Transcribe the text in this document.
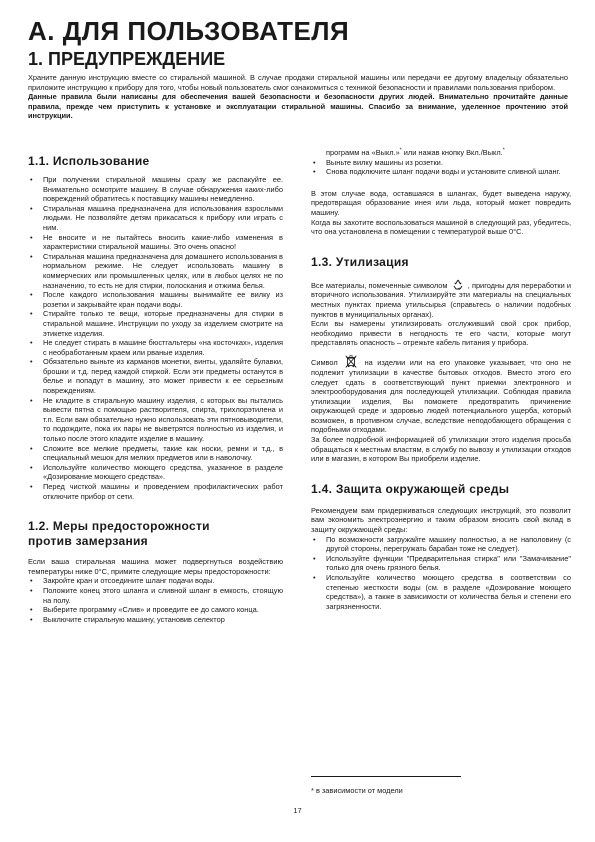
A. ДЛЯ ПОЛЬЗОВАТЕЛЯ
1. ПРЕДУПРЕЖДЕНИЕ

Храните данную инструкцию вместе со стиральной машиной. В случае продажи стиральной машины или передачи ее другому владельцу обязательно приложите инструкцию к прибору для того, чтобы новый пользователь смог ознакомиться с техникой безопасности и правилами пользования прибором.

Данные правила были написаны для обеспечения вашей безопасности и безопасности других людей. Внимательно прочитайте данные правила, прежде чем приступить к установке и эксплуатации стиральной машины. Спасибо за внимание, уделенное прочтению этой инструкции.

1.1. Использование
• При получении стиральной машины сразу же распакуйте ее. Внимательно осмотрите машину. В случае обнаружения каких-либо повреждений обратитесь к поставщику машины немедленно.
• Стиральная машина предназначена для использования взрослыми людьми. Не позволяйте детям прикасаться к прибору или играть с ним.
• Не вносите и не пытайтесь вносить какие-либо изменения в характеристики стиральной машины. Это очень опасно!
• Стиральная машина предназначена для домашнего использования в нормальном режиме. Не следует использовать машину в коммерческих или промышленных целях, или в любых целях не по назначению, то есть не для стирки, полоскания и отжима белья.
• После каждого использования машины вынимайте ее вилку из розетки и закрывайте кран подачи воды.
• Стирайте только те вещи, которые предназначены для стирки в стиральной машине. Инструкции по уходу за изделием смотрите на этикетке изделия.
• Не следует стирать в машине бюстгальтеры «на косточках», изделия с необработанным краем или рваные изделия.
• Обязательно выньте из карманов монетки, винты, удаляйте булавки, брошки и т.д. перед каждой стиркой. Если эти предметы останутся в белье и попадут в машину, это может привести к ее серьезным повреждениям.
• Не кладите в стиральную машину изделия, с которых вы пытались вывести пятна с помощью растворителя, спирта, трихлорэтилена и т.п. Если вам обязательно нужно использовать эти пятновыводители, то подождите, пока их пары не выветрятся полностью из изделия, и только после этого кладите изделие в машину.
• Сложите все мелкие предметы, такие как носки, ремни и т.д., в специальный мешок для мелких предметов или в наволочку.
• Используйте количество моющего средства, указанное в разделе «Дозирование моющего средства».
• Перед чисткой машины и проведением профилактических работ отключите прибор от сети.
1.2. Меры предосторожности
против замерзания

Если ваша стиральная машина может подвергнуться воздействию температуры ниже 0°C, примите следующие меры предосторожности:

• Закройте кран и отсоедините шланг подачи воды.
• Положите конец этого шланга и сливной шланг в емкость, стоящую на полу.
• Выберите программу «Слив» и проведите ее до самого конца.
• Выключите стиральную машину, установив селектор

программ на «Выкл.»* или нажав кнопку Вкл./Выкл.*

• Выньте вилку машины из розетки.
• Снова подключите шланг подачи воды и установите сливной шланг.

В этом случае вода, оставшаяся в шлангах, будет выведена наружу, предотвращая образование инея или льда, который может повредить машину.

Когда вы захотите воспользоваться машиной в следующий раз, убедитесь, что она установлена в помещении с температурой выше 0°C.

1.3. Утилизация

Все материалы, помеченные символом	, пригодны для переработки и вторичного использования. Утилизируйте эти материалы на специальных местных пунктах приема утильсырья (справьтесь о наличии подобных пунктов в муниципальных органах).

Если вы намерены утилизировать отслуживший свой срок прибор, необходимо привести в негодность те его части, которые могут представлять опасность – отрежьте кабель питания у прибора.

Символ	на изделии или на его упаковке указывает, что оно не подлежит утилизации в качестве бытовых отходов. Вместо этого его следует сдать в соответствующий пункт приемки электронного и электрооборудования для последующей утилизации. Соблюдая правила утилизации изделия, Вы поможете предотвратить причинение окружающей среде и здоровью людей потенциального ущерба, который возможен, в противном случае, вследствие неподобающего обращения с подобными отходами.

За более подробной информацией об утилизации этого изделия просьба обращаться к местным властям, в службу по вывозу и утилизации отходов или в магазин, в котором Вы приобрели изделие.

1.4. Защита окружающей среды

Рекомендуем вам придерживаться следующих инструкций, это позволит вам экономить электроэнергию и таким образом вносить свой вклад в защиту окружающей среды:

• По возможности загружайте машину полностью, а не наполовину (с другой стороны, перегружать барабан тоже не следует).
• Используйте функции "Предварительная стирка" или "Замачивание" только для очень грязного белья.
• Используйте количество моющего средства в соответствии со степенью жесткости воды (см. в разделе «Дозирование моющего средства»), а также в зависимости от количества белья и степени его загрязненности.

* в зависимости от модели

17
